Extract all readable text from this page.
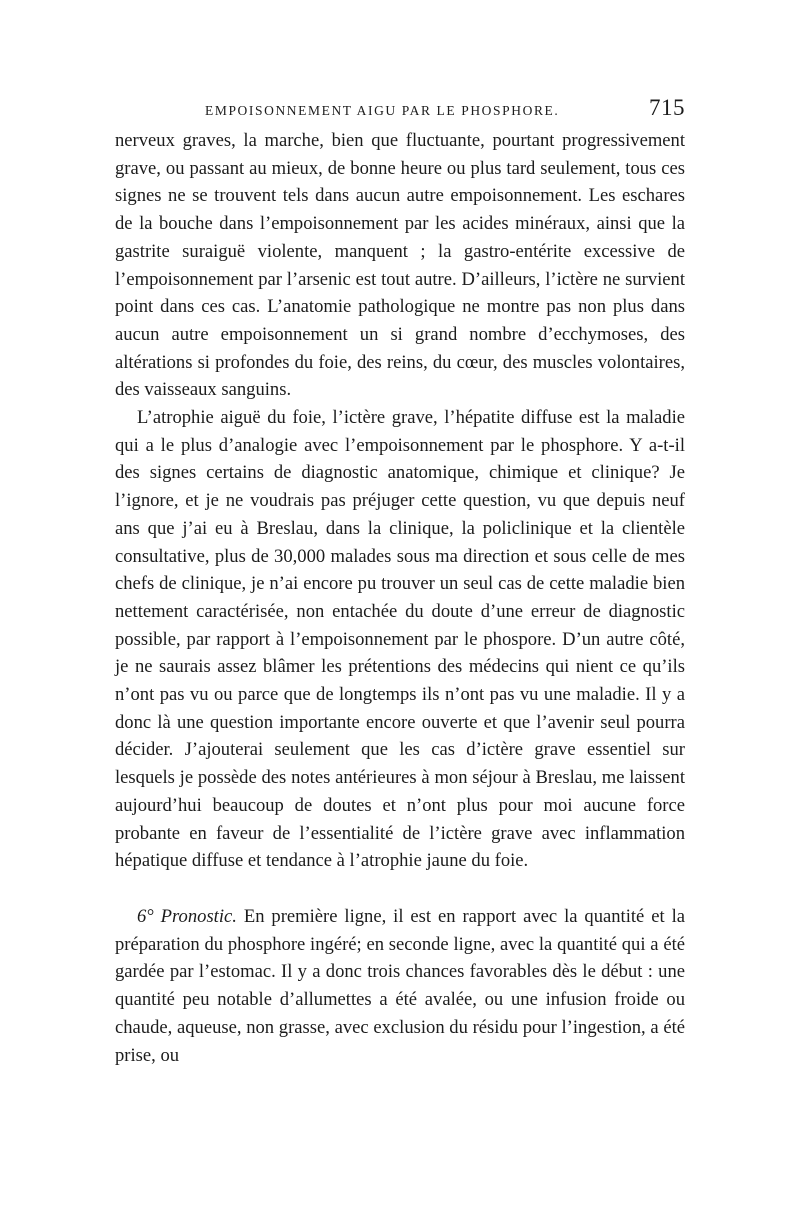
EMPOISONNEMENT AIGU PAR LE PHOSPHORE.	715

nerveux graves, la marche, bien que fluctuante, pourtant progressivement grave, ou passant au mieux, de bonne heure ou plus tard seulement, tous ces signes ne se trouvent tels dans aucun autre empoisonnement. Les eschares de la bouche dans l’empoisonnement par les acides minéraux, ainsi que la gastrite suraiguë violente, manquent ; la gastro-entérite excessive de l’empoisonnement par l’arsenic est tout autre. D’ailleurs, l’ictère ne survient point dans ces cas. L’anatomie pathologique ne montre pas non plus dans aucun autre empoisonnement un si grand nombre d’ecchymoses, des altérations si profondes du foie, des reins, du cœur, des muscles volontaires, des vaisseaux sanguins.

L’atrophie aiguë du foie, l’ictère grave, l’hépatite diffuse est la maladie qui a le plus d’analogie avec l’empoisonnement par le phosphore. Y a-t-il des signes certains de diagnostic anatomique, chimique et clinique? Je l’ignore, et je ne voudrais pas préjuger cette question, vu que depuis neuf ans que j’ai eu à Breslau, dans la clinique, la policlinique et la clientèle consultative, plus de 30,000 malades sous ma direction et sous celle de mes chefs de clinique, je n’ai encore pu trouver un seul cas de cette maladie bien nettement caractérisée, non entachée du doute d’une erreur de diagnostic possible, par rapport à l’empoisonnement par le phospore. D’un autre côté, je ne saurais assez blâmer les prétentions des médecins qui nient ce qu’ils n’ont pas vu ou parce que de longtemps ils n’ont pas vu une maladie. Il y a donc là une question importante encore ouverte et que l’avenir seul pourra décider. J’ajouterai seulement que les cas d’ictère grave essentiel sur lesquels je possède des notes antérieures à mon séjour à Breslau, me laissent aujourd’hui beaucoup de doutes et n’ont plus pour moi aucune force probante en faveur de l’essentialité de l’ictère grave avec inflammation hépatique diffuse et tendance à l’atrophie jaune du foie.

6° Pronostic. En première ligne, il est en rapport avec la quantité et la préparation du phosphore ingéré; en seconde ligne, avec la quantité qui a été gardée par l’estomac. Il y a donc trois chances favorables dès le début : une quantité peu notable d’allumettes a été avalée, ou une infusion froide ou chaude, aqueuse, non grasse, avec exclusion du résidu pour l’ingestion, a été prise, ou
